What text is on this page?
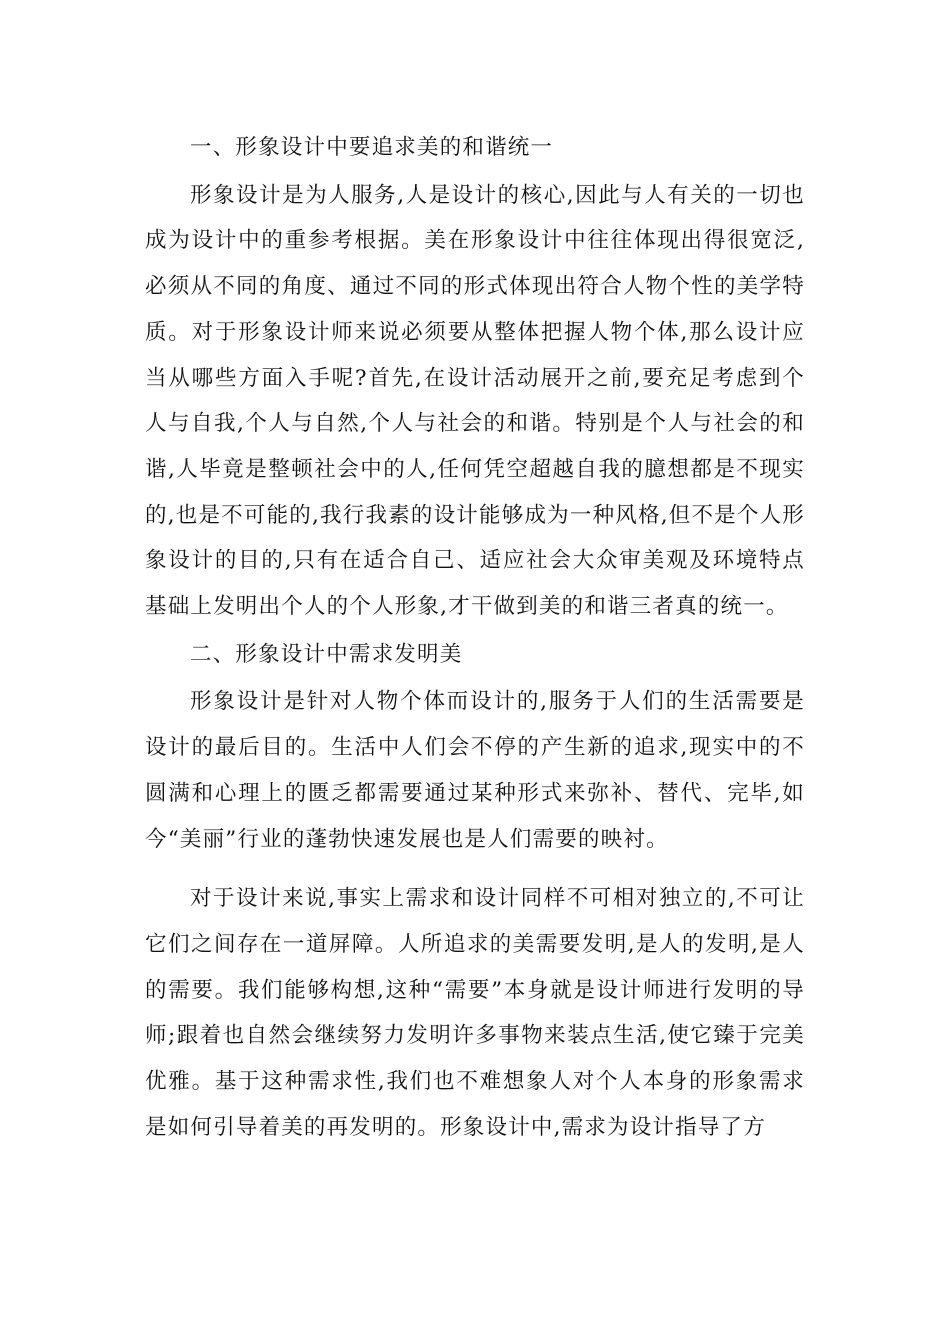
一、形象设计中要追求美的和谐统一

形象设计是为人服务,人是设计的核心,因此与人有关的一切也成为设计中的重参考根据。美在形象设计中往往体现出得很宽泛,必须从不同的角度、通过不同的形式体现出符合人物个性的美学特质。对于形象设计师来说必须要从整体把握人物个体,那么设计应当从哪些方面入手呢?首先,在设计活动展开之前,要充足考虑到个人与自我,个人与自然,个人与社会的和谐。特别是个人与社会的和谐,人毕竟是整顿社会中的人,任何凭空超越自我的臆想都是不现实的,也是不可能的,我行我素的设计能够成为一种风格,但不是个人形象设计的目的,只有在适合自己、适应社会大众审美观及环境特点基础上发明出个人的个人形象,才干做到美的和谐三者真的统一。

二、形象设计中需求发明美

形象设计是针对人物个体而设计的,服务于人们的生活需要是设计的最后目的。生活中人们会不停的产生新的追求,现实中的不圆满和心理上的匮乏都需要通过某种形式来弥补、替代、完毕,如今“美丽”行业的蓬勃快速发展也是人们需要的映衬。

对于设计来说,事实上需求和设计同样不可相对独立的,不可让它们之间存在一道屏障。人所追求的美需要发明,是人的发明,是人的需要。我们能够构想,这种“需要”本身就是设计师进行发明的导师;跟着也自然会继续努力发明许多事物来装点生活,使它臻于完美优雅。基于这种需求性,我们也不难想象人对个人本身的形象需求是如何引导着美的再发明的。形象设计中,需求为设计指导了方
